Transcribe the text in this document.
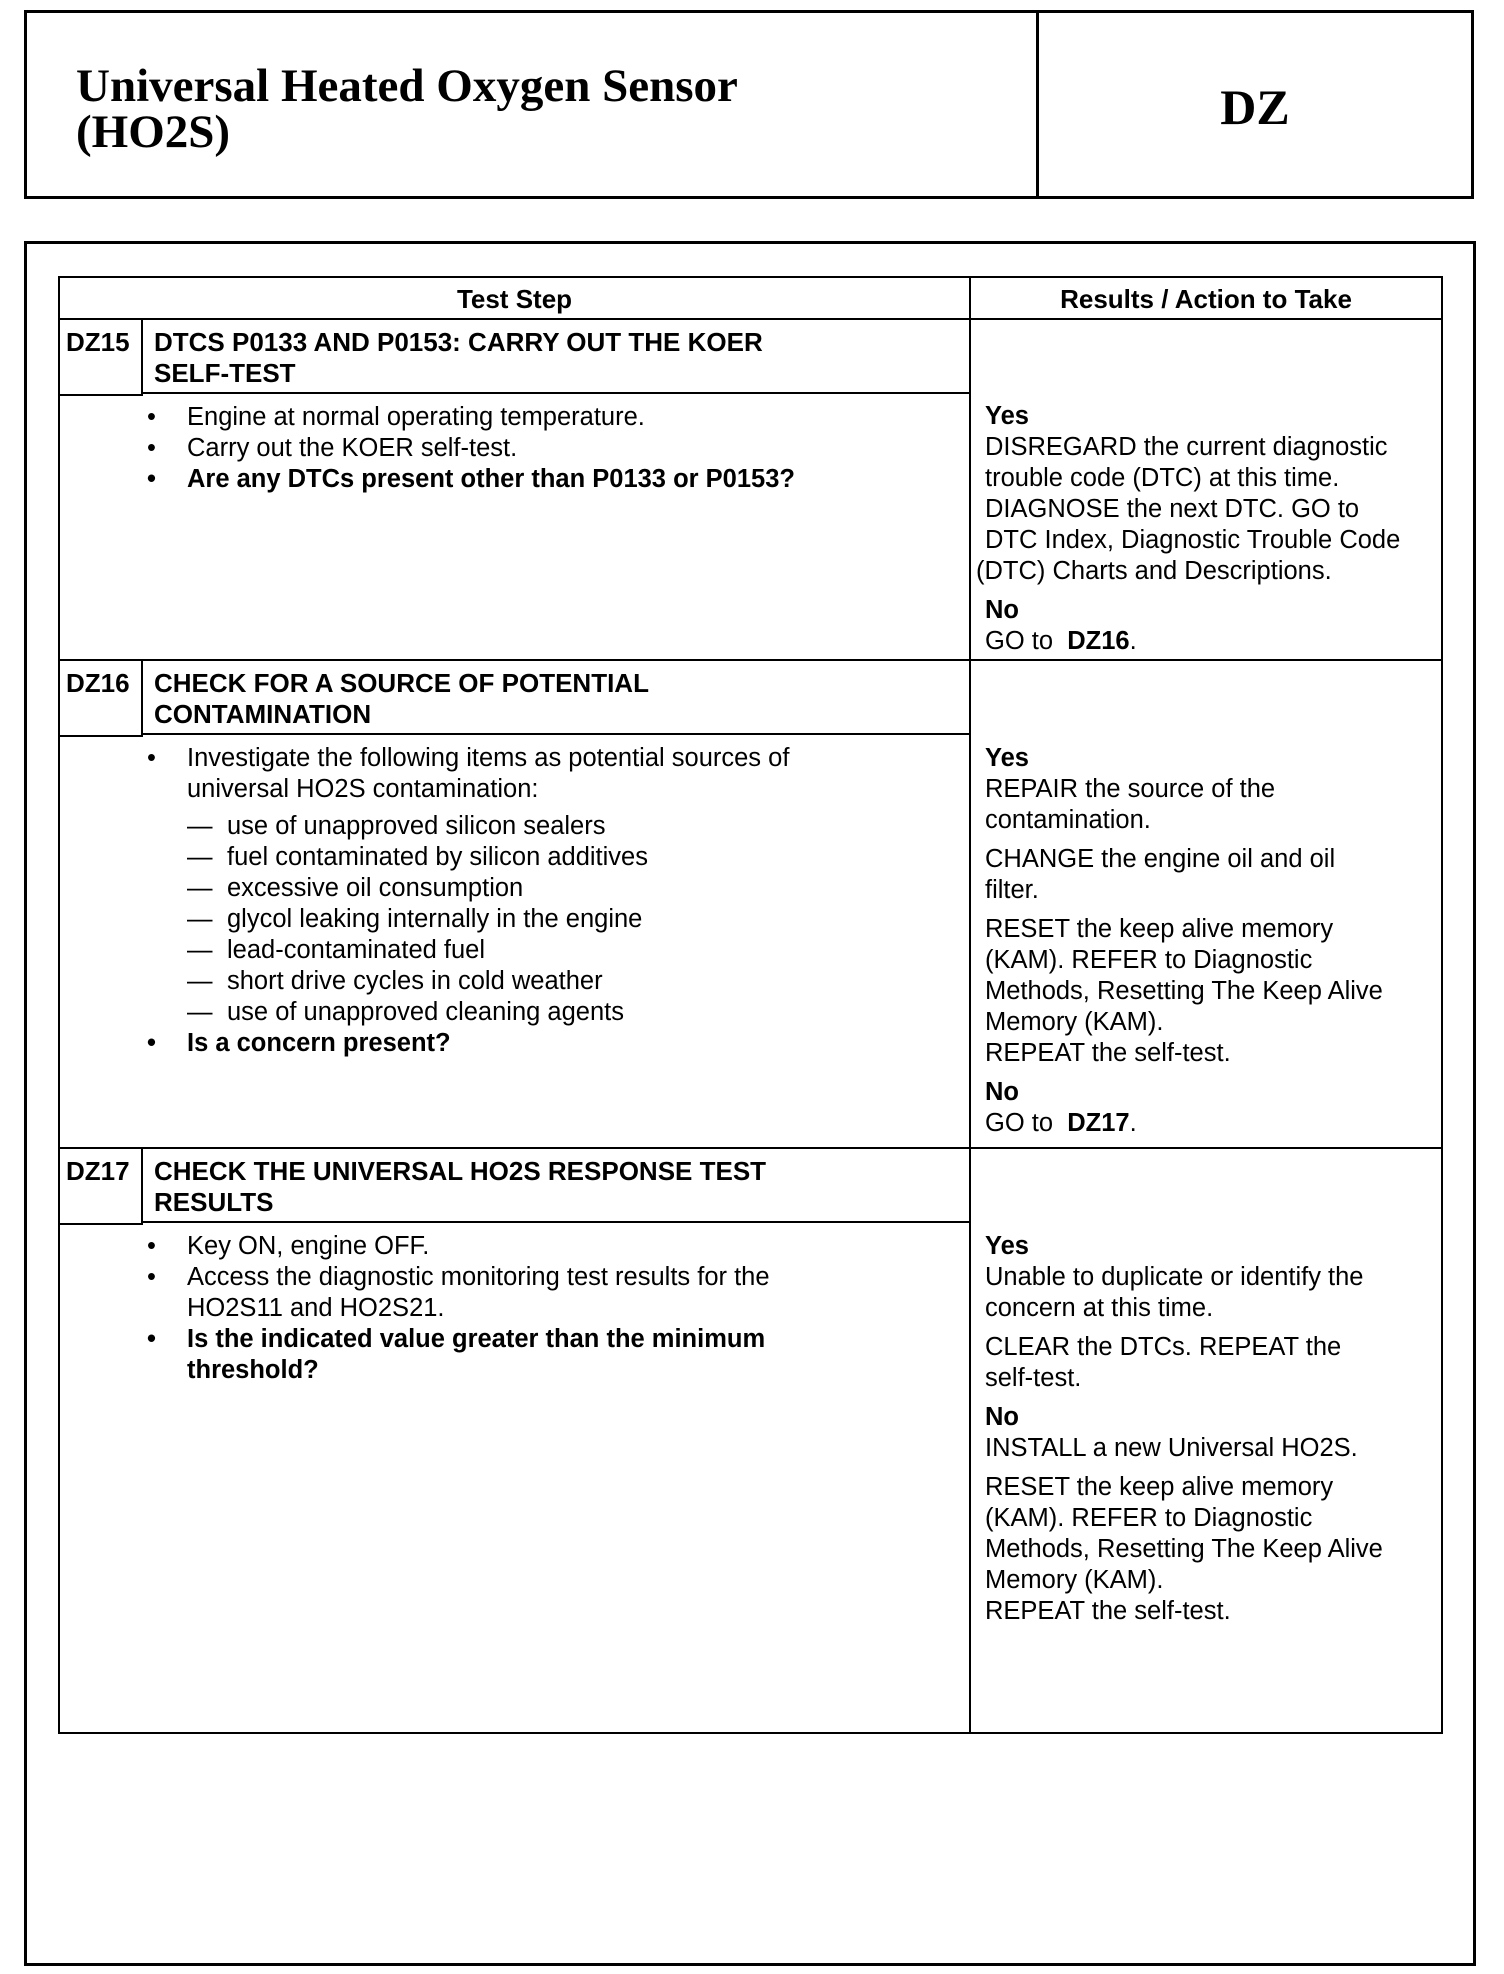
Universal Heated Oxygen Sensor
(HO2S)	DZ
Test Step	Results / Action to Take
DZ15 DTCS P0133 AND P0153: CARRY OUT THE KOER
SELF-TEST
• Engine at normal operating temperature.
• Carry out the KOER self-test.
• Are any DTCs present other than P0133 or P0153?

Yes

DISREGARD the current diagnostic

trouble code (DTC) at this time.

DIAGNOSE the next DTC. GO to

DTC Index, Diagnostic Trouble Code

(DTC) Charts and Descriptions.

No

GO to DZ16.

DZ16 CHECK FOR A SOURCE OF POTENTIAL
CONTAMINATION
• Investigate the following items as potential sources of
universal HO2S contamination:
— use of unapproved silicon sealers
— fuel contaminated by silicon additives
— excessive oil consumption
— glycol leaking internally in the engine
— lead-contaminated fuel
— short drive cycles in cold weather
— use of unapproved cleaning agents
• Is a concern present?

Yes

REPAIR the source of the

contamination.

CHANGE the engine oil and oil

filter.

RESET the keep alive memory

(KAM). REFER to Diagnostic

Methods, Resetting The Keep Alive

Memory (KAM).

REPEAT the self-test.

No

GO to DZ17.

DZ17 CHECK THE UNIVERSAL HO2S RESPONSE TEST
RESULTS
• Key ON, engine OFF.
• Access the diagnostic monitoring test results for the
HO2S11 and HO2S21.
• Is the indicated value greater than the minimum
threshold?

Yes

Unable to duplicate or identify the

concern at this time.

CLEAR the DTCs. REPEAT the

self-test.

No

INSTALL a new Universal HO2S.

RESET the keep alive memory

(KAM). REFER to Diagnostic

Methods, Resetting The Keep Alive

Memory (KAM).

REPEAT the self-test.
